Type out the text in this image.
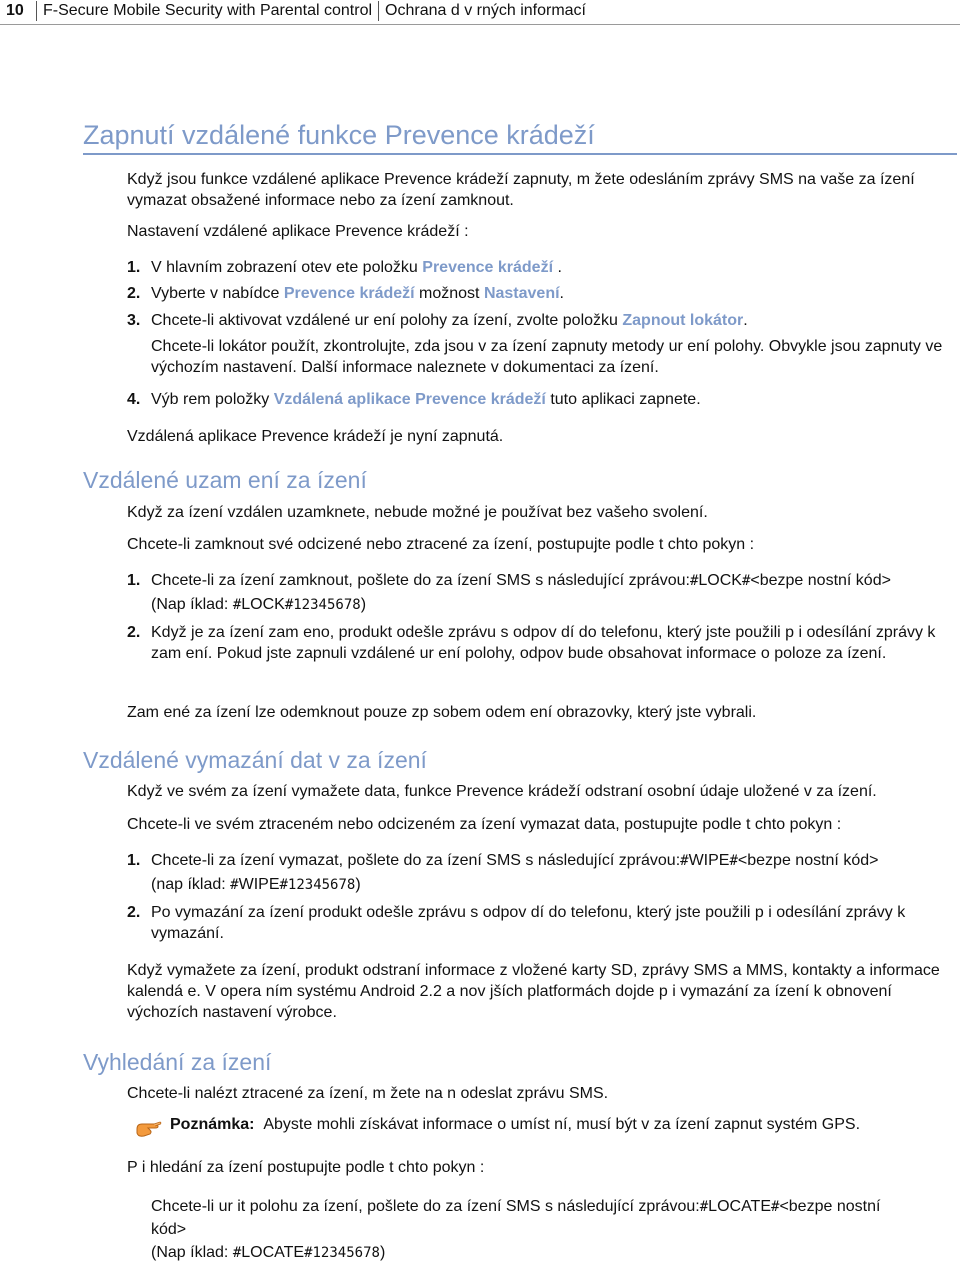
10 F-Secure Mobile Security with Parental control Ochrana d v rných informací
Zapnutí vzdálené funkce Prevence krádeží

Když jsou funkce vzdálené aplikace Prevence krádeží zapnuty, m žete odesláním zprávy SMS na vaše za ízení vymazat obsažené informace nebo za ízení zamknout.

Nastavení vzdálené aplikace Prevence krádeží :

1. V hlavním zobrazení otev ete položku Prevence krádeží .
2. Vyberte v nabídce Prevence krádeží možnost Nastavení.
3. Chcete-li aktivovat vzdálené ur ení polohy za ízení, zvolte položku Zapnout lokátor.
Chcete-li lokátor použít, zkontrolujte, zda jsou v za ízení zapnuty metody ur ení polohy. Obvykle jsou zapnuty ve výchozím nastavení. Další informace naleznete v dokumentaci za ízení.
4. Výb rem položky Vzdálená aplikace Prevence krádeží tuto aplikaci zapnete.

Vzdálená aplikace Prevence krádeží je nyní zapnutá.

Vzdálené uzam ení za ízení

Když za ízení vzdálen uzamknete, nebude možné je používat bez vašeho svolení.

Chcete-li zamknout své odcizené nebo ztracené za ízení, postupujte podle t chto pokyn :

1. Chcete-li za ízení zamknout, pošlete do za ízení SMS s následující zprávou:#LOCK#<bezpe nostní kód>
(Nap íklad: #LOCK#12345678)
2. Když je za ízení zam eno, produkt odešle zprávu s odpov dí do telefonu, který jste použili p i odesílání zprávy k zam ení. Pokud jste zapnuli vzdálené ur ení polohy, odpov bude obsahovat informace o poloze za ízení.

Zam ené za ízení lze odemknout pouze zp sobem odem ení obrazovky, který jste vybrali.

Vzdálené vymazání dat v za ízení

Když ve svém za ízení vymažete data, funkce Prevence krádeží odstraní osobní údaje uložené v za ízení.

Chcete-li ve svém ztraceném nebo odcizeném za ízení vymazat data, postupujte podle t chto pokyn :

1. Chcete-li za ízení vymazat, pošlete do za ízení SMS s následující zprávou:#WIPE#<bezpe nostní kód>
(nap íklad: #WIPE#12345678)
2. Po vymazání za ízení produkt odešle zprávu s odpov dí do telefonu, který jste použili p i odesílání zprávy k vymazání.

Když vymažete za ízení, produkt odstraní informace z vložené karty SD, zprávy SMS a MMS, kontakty a informace kalendá e. V opera ním systému Android 2.2 a nov jších platformách dojde p i vymazání za ízení k obnovení výchozích nastavení výrobce.

Vyhledání za ízení

Chcete-li nalézt ztracené za ízení, m žete na n odeslat zprávu SMS.

Poznámka: Abyste mohli získávat informace o umíst ní, musí být v za ízení zapnut systém GPS.

P i hledání za ízení postupujte podle t chto pokyn :

Chcete-li ur it polohu za ízení, pošlete do za ízení SMS s následující zprávou:#LOCATE#<bezpe nostní
kód>
(Nap íklad: #LOCATE#12345678)
